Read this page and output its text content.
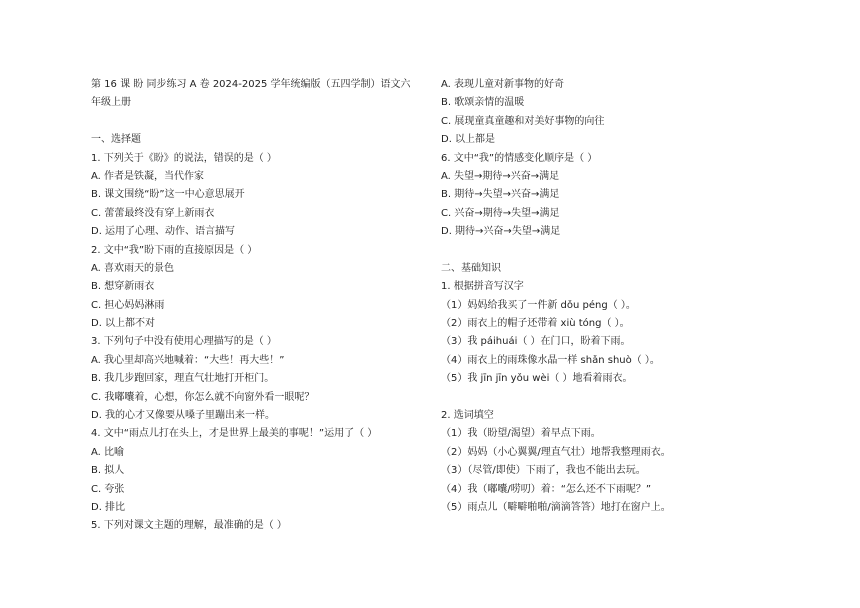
第 16 课 盼 同步练习 A 卷 2024-2025 学年统编版（五四学制）语文六
年级上册
一、选择题
1. 下列关于《盼》的说法，错误的是（ ）
A. 作者是铁凝，当代作家
B. 课文围绕“盼”这一中心意思展开
C. 蕾蕾最终没有穿上新雨衣
D. 运用了心理、动作、语言描写
2. 文中“我”盼下雨的直接原因是（ ）
A. 喜欢雨天的景色
B. 想穿新雨衣
C. 担心妈妈淋雨
D. 以上都不对
3. 下列句子中没有使用心理描写的是（ ）
A. 我心里却高兴地喊着：“大些！再大些！”
B. 我几步跑回家，理直气壮地打开柜门。
C. 我嘟囔着，心想，你怎么就不向窗外看一眼呢？
D. 我的心才又像要从嗓子里蹦出来一样。
4. 文中“雨点儿打在头上，才是世界上最美的事呢！”运用了（ ）
A. 比喻
B. 拟人
C. 夸张
D. 排比
5. 下列对课文主题的理解，最准确的是（ ）
A. 表现儿童对新事物的好奇
B. 歌颂亲情的温暖
C. 展现童真童趣和对美好事物的向往
D. 以上都是
6. 文中“我”的情感变化顺序是（ ）
A. 失望→期待→兴奋→满足
B. 期待→失望→兴奋→满足
C. 兴奋→期待→失望→满足
D. 期待→兴奋→失望→满足
二、基础知识
1. 根据拼音写汉字
（1）妈妈给我买了一件新 dǒu péng（ ）。
（2）雨衣上的帽子还带着 xiù tóng（ ）。
（3）我 páihuái（ ）在门口，盼着下雨。
（4）雨衣上的雨珠像水晶一样 shǎn shuò（ ）。
（5）我 jīn jīn yǒu wèi（ ）地看着雨衣。
2. 选词填空
（1）我（盼望/渴望）着早点下雨。
（2）妈妈（小心翼翼/理直气壮）地帮我整理雨衣。
（3）（尽管/即使）下雨了，我也不能出去玩。
（4）我（嘟囔/唠叨）着：“怎么还不下雨呢？”
（5）雨点儿（噼噼啪啪/滴滴答答）地打在窗户上。
